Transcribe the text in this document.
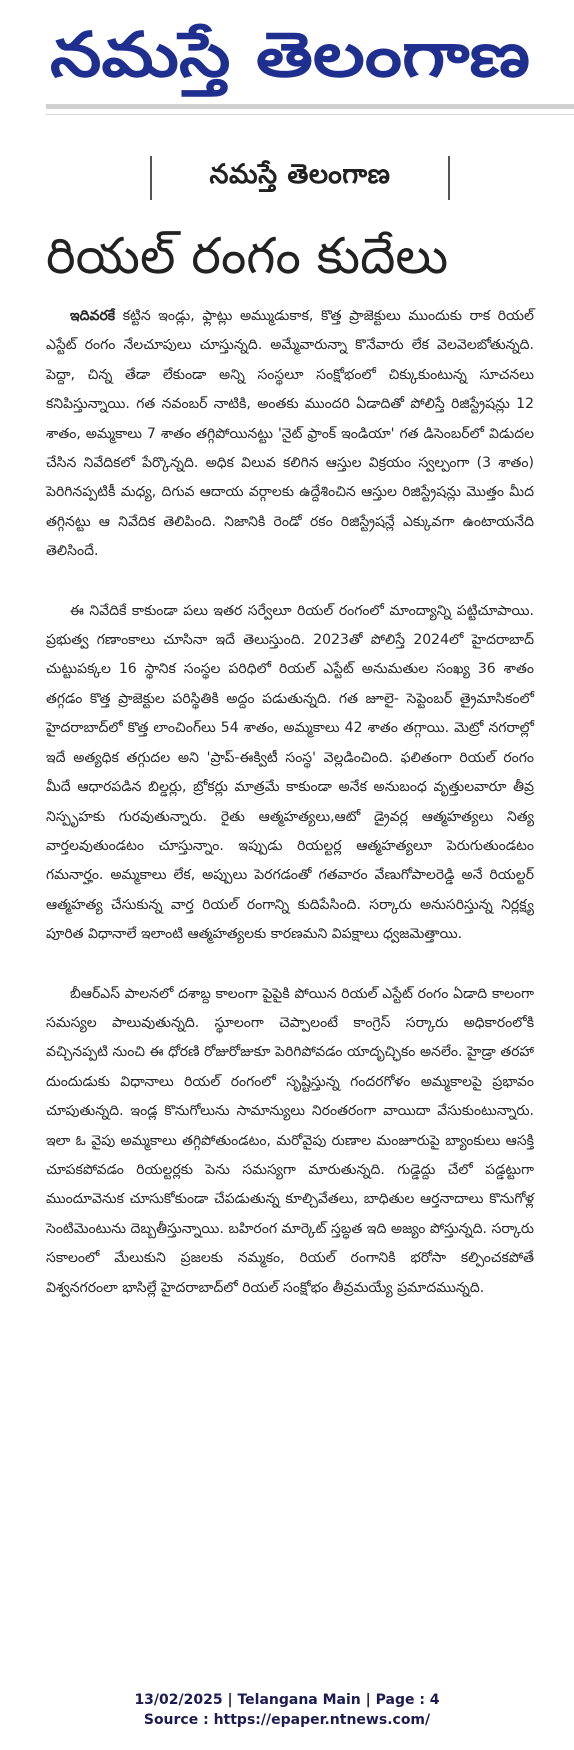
నమస్తే తెలంగాణ
నమస్తే తెలంగాణ
రియల్ రంగం కుదేలు

ఇదివరకే కట్టిన ఇండ్లు, ఫ్లాట్లు అమ్ముడుకాక, కొత్త ప్రాజెక్టులు ముందుకు రాక రియల్ ఎస్టేట్ రంగం నేలచూపులు చూస్తున్నది. అమ్మేవారున్నా కొనేవారు లేక వెలవెలబోతున్నది. పెద్దా, చిన్న తేడా లేకుండా అన్ని సంస్థలూ సంక్షోభంలో చిక్కుకుంటున్న సూచనలు కనిపిస్తున్నాయి. గత నవంబర్ నాటికి, అంతకు ముందరి ఏడాదితో పోలిస్తే రిజిస్ట్రేషన్లు 12 శాతం, అమ్మకాలు 7 శాతం తగ్గిపోయినట్టు 'నైట్ ఫ్రాంక్ ఇండియా' గత డిసెంబర్‌లో విడుదల చేసిన నివేదికలో పేర్కొన్నది. అధిక విలువ కలిగిన ఆస్తుల విక్రయం స్వల్పంగా (3 శాతం) పెరిగినప్పటికీ మధ్య, దిగువ ఆదాయ వర్గాలకు ఉద్దేశించిన ఆస్తుల రిజిస్ట్రేషన్లు మొత్తం మీద తగ్గినట్టు ఆ నివేదిక తెలిపింది. నిజానికి రెండో రకం రిజిస్ట్రేషన్లే ఎక్కువగా ఉంటాయనేది తెలిసిందే.

ఈ నివేదికే కాకుండా పలు ఇతర సర్వేలూ రియల్ రంగంలో మాంద్యాన్ని పట్టిచూపాయి. ప్రభుత్వ గణాంకాలు చూసినా ఇదే తెలుస్తుంది. 2023తో పోలిస్తే 2024లో హైదరాబాద్ చుట్టుపక్కల 16 స్థానిక సంస్థల పరిధిలో రియల్ ఎస్టేట్ అనుమతుల సంఖ్య 36 శాతం తగ్గడం కొత్త ప్రాజెక్టుల పరిస్థితికి అద్దం పడుతున్నది. గత జూలై- సెప్టెంబర్ త్రైమాసికంలో హైదరాబాద్‌లో కొత్త లాంచింగ్‌లు 54 శాతం, అమ్మకాలు 42 శాతం తగ్గాయి. మెట్రో నగరాల్లో ఇదే అత్యధిక తగ్గుదల అని 'ప్రాప్-ఈక్విటీ సంస్థ' వెల్లడించింది. ఫలితంగా రియల్ రంగం మీదే ఆధారపడిన బిల్డర్లు, బ్రోకర్లు మాత్రమే కాకుండా అనేక అనుబంధ వృత్తులవారూ తీవ్ర నిస్పృహకు గురవుతున్నారు. రైతు ఆత్మహత్యలు,ఆటో డ్రైవర్ల ఆత్మహత్యలు నిత్య వార్తలవుతుండటం చూస్తున్నాం. ఇప్పుడు రియల్టర్ల ఆత్మహత్యలూ పెరుగుతుండటం గమనార్హం. అమ్మకాలు లేక, అప్పులు పెరగడంతో గతవారం వేణుగోపాలరెడ్డి అనే రియల్టర్ ఆత్మహత్య చేసుకున్న వార్త రియల్ రంగాన్ని కుదిపేసింది. సర్కారు అనుసరిస్తున్న నిర్లక్ష్య పూరిత విధానాలే ఇలాంటి ఆత్మహత్యలకు కారణమని విపక్షాలు ధ్వజమెత్తాయి.

బీఆర్ఎస్ పాలనలో దశాబ్ద కాలంగా పైపైకి పోయిన రియల్ ఎస్టేట్ రంగం ఏడాది కాలంగా సమస్యల పాలువుతున్నది. స్థూలంగా చెప్పాలంటే కాంగ్రెస్ సర్కారు అధికారంలోకి వచ్చినప్పటి నుంచి ఈ ధోరణి రోజురోజుకూ పెరిగిపోవడం యాదృచ్ఛికం అనలేం. హైడ్రా తరహా దుందుడుకు విధానాలు రియల్ రంగంలో సృష్టిస్తున్న గందరగోళం అమ్మకాలపై ప్రభావం చూపుతున్నది. ఇండ్ల కొనుగోలును సామాన్యులు నిరంతరంగా వాయిదా వేసుకుంటున్నారు. ఇలా ఓ వైపు అమ్మకాలు తగ్గిపోతుండటం, మరోవైపు రుణాల మంజూరుపై బ్యాంకులు ఆసక్తి చూపకపోవడం రియల్టర్లకు పెను సమస్యగా మారుతున్నది. గుడ్డెద్దు చేలో పడ్డట్టుగా ముందూవెనుక చూసుకోకుండా చేపడుతున్న కూల్చివేతలు, బాధితుల ఆర్తనాదాలు కొనుగోళ్ల సెంటిమెంటును దెబ్బతీస్తున్నాయి. బహిరంగ మార్కెట్ స్తబ్ధత ఇది అజ్యం పోస్తున్నది. సర్కారు సకాలంలో మేలుకుని ప్రజలకు నమ్మకం, రియల్ రంగానికి భరోసా కల్పించకపోతే విశ్వనగరంలా భాసిల్లే హైదరాబాద్‌లో రియల్ సంక్షోభం తీవ్రమయ్యే ప్రమాదమున్నది.

13/02/2025 | Telangana Main | Page : 4
Source : https://epaper.ntnews.com/
